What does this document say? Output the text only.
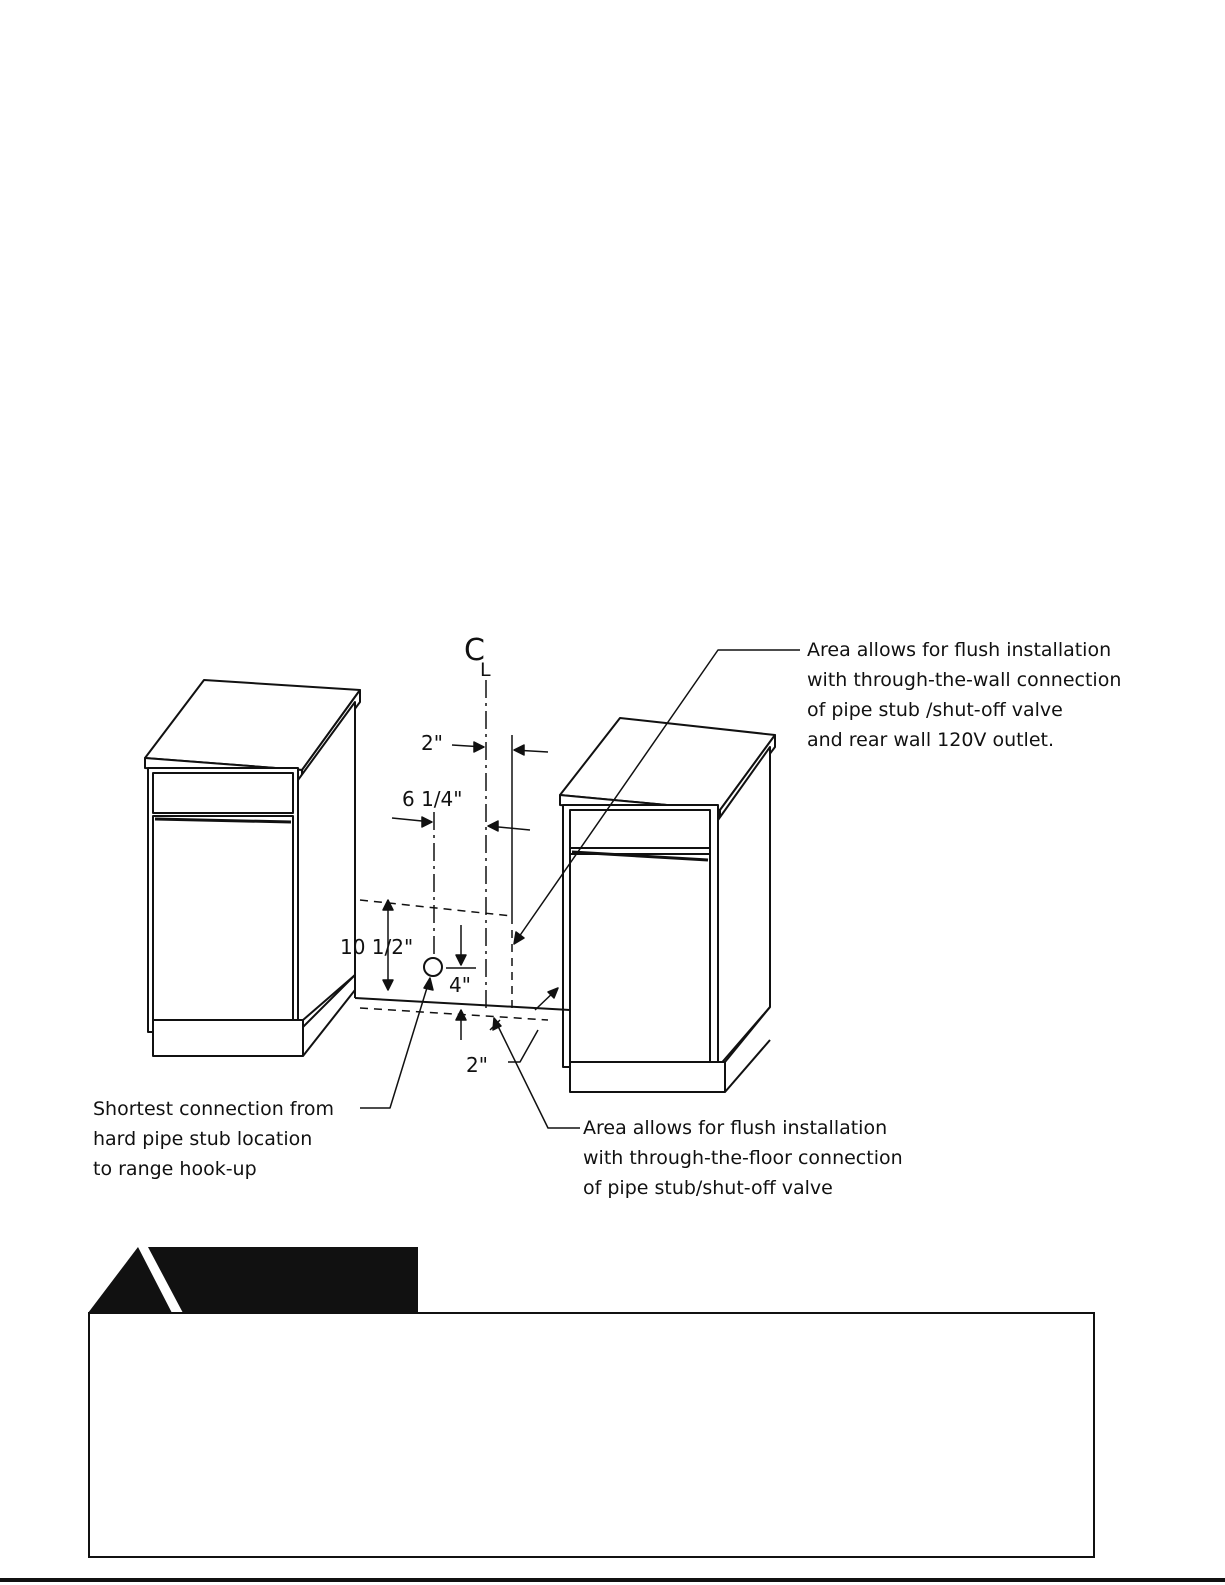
C
L
2"
6 1/4"
10 1/2"
4"
2"
Area allows for flush installation
with through-the-wall connection
of pipe stub /shut-off valve
and rear wall 120V outlet.
Area allows for flush installation
with through-the-floor connection
of pipe stub/shut-off valve
Shortest connection from
hard pipe stub location
to range hook-up
